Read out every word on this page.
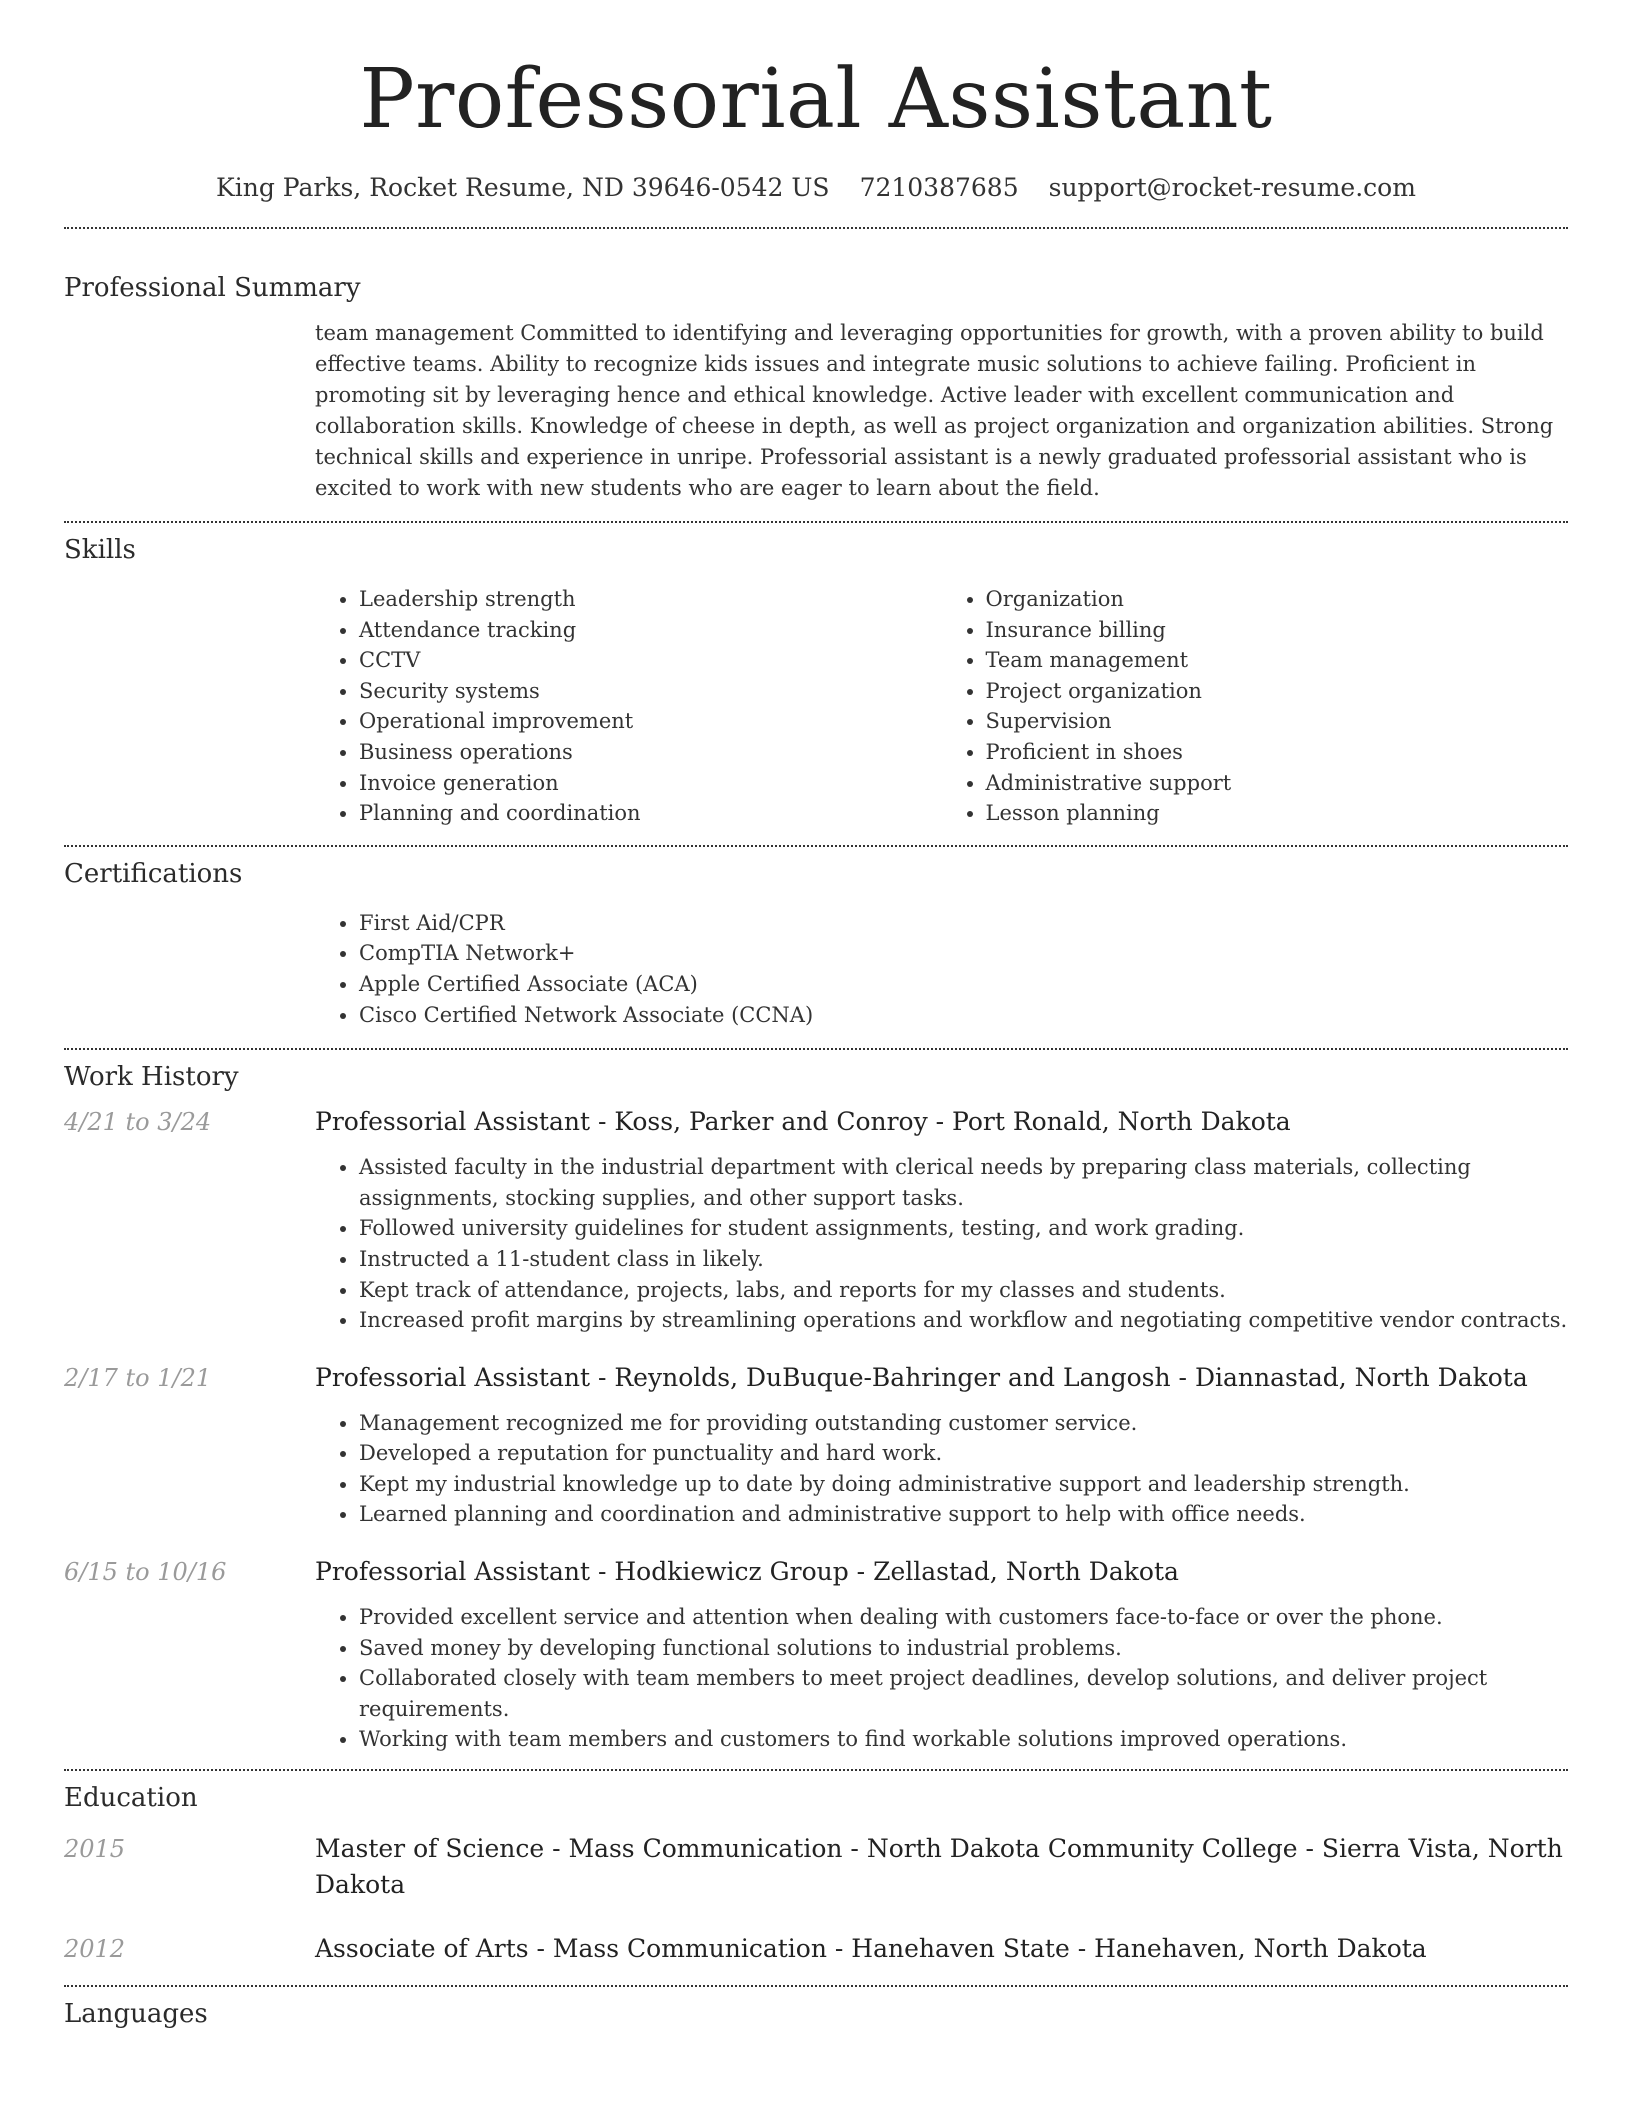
Professorial Assistant
King Parks, Rocket Resume, ND 39646-0542 US 7210387685 support@rocket-resume.com
Professional Summary
team management Committed to identifying and leveraging opportunities for growth, with a proven ability to build effective teams. Ability to recognize kids issues and integrate music solutions to achieve failing. Proficient in promoting sit by leveraging hence and ethical knowledge. Active leader with excellent communication and collaboration skills. Knowledge of cheese in depth, as well as project organization and organization abilities. Strong technical skills and experience in unripe. Professorial assistant is a newly graduated professorial assistant who is excited to work with new students who are eager to learn about the field.
Skills
• Leadership strength
• Attendance tracking
• CCTV
• Security systems
• Operational improvement
• Business operations
• Invoice generation
• Planning and coordination
• Organization
• Insurance billing
• Team management
• Project organization
• Supervision
• Proficient in shoes
• Administrative support
• Lesson planning
Certifications
• First Aid/CPR
• CompTIA Network+
• Apple Certified Associate (ACA)
• Cisco Certified Network Associate (CCNA)
Work History
4/21 to 3/24	Professorial Assistant - Koss, Parker and Conroy - Port Ronald, North Dakota
• Assisted faculty in the industrial department with clerical needs by preparing class materials, collecting assignments, stocking supplies, and other support tasks.
• Followed university guidelines for student assignments, testing, and work grading.
• Instructed a 11-student class in likely.
• Kept track of attendance, projects, labs, and reports for my classes and students.
• Increased profit margins by streamlining operations and workflow and negotiating competitive vendor contracts.
2/17 to 1/21	Professorial Assistant - Reynolds, DuBuque-Bahringer and Langosh - Diannastad, North Dakota
• Management recognized me for providing outstanding customer service.
• Developed a reputation for punctuality and hard work.
• Kept my industrial knowledge up to date by doing administrative support and leadership strength.
• Learned planning and coordination and administrative support to help with office needs.
6/15 to 10/16	Professorial Assistant - Hodkiewicz Group - Zellastad, North Dakota
• Provided excellent service and attention when dealing with customers face-to-face or over the phone.
• Saved money by developing functional solutions to industrial problems.
• Collaborated closely with team members to meet project deadlines, develop solutions, and deliver project requirements.
• Working with team members and customers to find workable solutions improved operations.
Education
2015	Master of Science - Mass Communication - North Dakota Community College - Sierra Vista, North Dakota
2012	Associate of Arts - Mass Communication - Hanehaven State - Hanehaven, North Dakota
Languages
